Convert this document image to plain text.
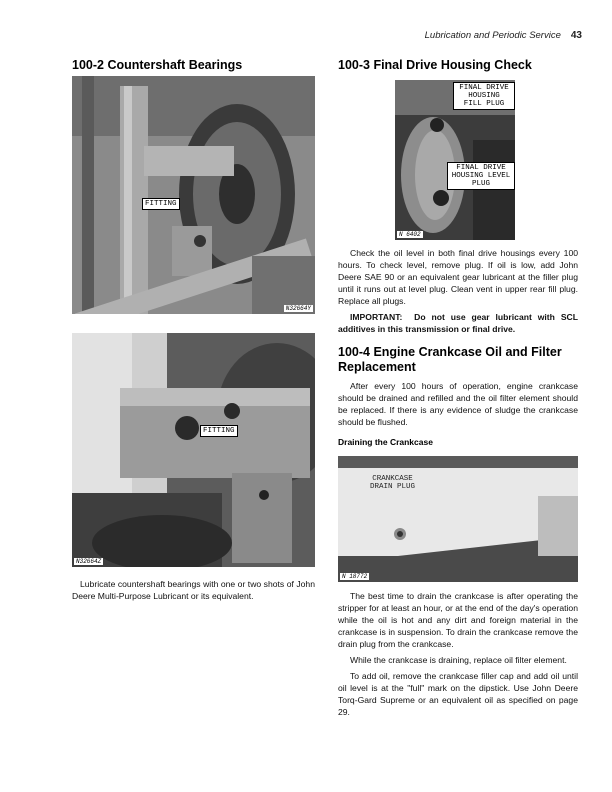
Lubrication and Periodic Service 43
100-2 Countershaft Bearings
FITTING
N32664Y
FITTING
N32664Z

Lubricate countershaft bearings with one or two shots of John Deere Multi-Purpose Lubricant or its equivalent.

100-3 Final Drive Housing Check
FINAL DRIVE
HOUSING
FILL PLUG
FINAL DRIVE
HOUSING LEVEL
PLUG
N 6402

Check the oil level in both final drive housings every 100 hours. To check level, remove plug. If oil is low, add John Deere SAE 90 or an equivalent gear lubricant at the filler plug until it runs out at level plug. Clean vent in upper rear fill plug. Replace all plugs.

IMPORTANT: Do not use gear lubricant with SCL additives in this transmission or final drive.

100-4 Engine Crankcase Oil and Filter Replacement

After every 100 hours of operation, engine crankcase should be drained and refilled and the oil filter element should be replaced. If there is any evidence of sludge the crankcase should be flushed.

Draining the Crankcase
CRANKCASE
DRAIN PLUG
N 18772

The best time to drain the crankcase is after operating the stripper for at least an hour, or at the end of the day's operation while the oil is hot and any dirt and foreign material in the crankcase is in suspension. To drain the crankcase remove the drain plug from the crankcase.

While the crankcase is draining, replace oil filter element.

To add oil, remove the crankcase filler cap and add oil until oil level is at the "full" mark on the dipstick. Use John Deere Torq-Gard Supreme or an equivalent oil as specified on page 29.
